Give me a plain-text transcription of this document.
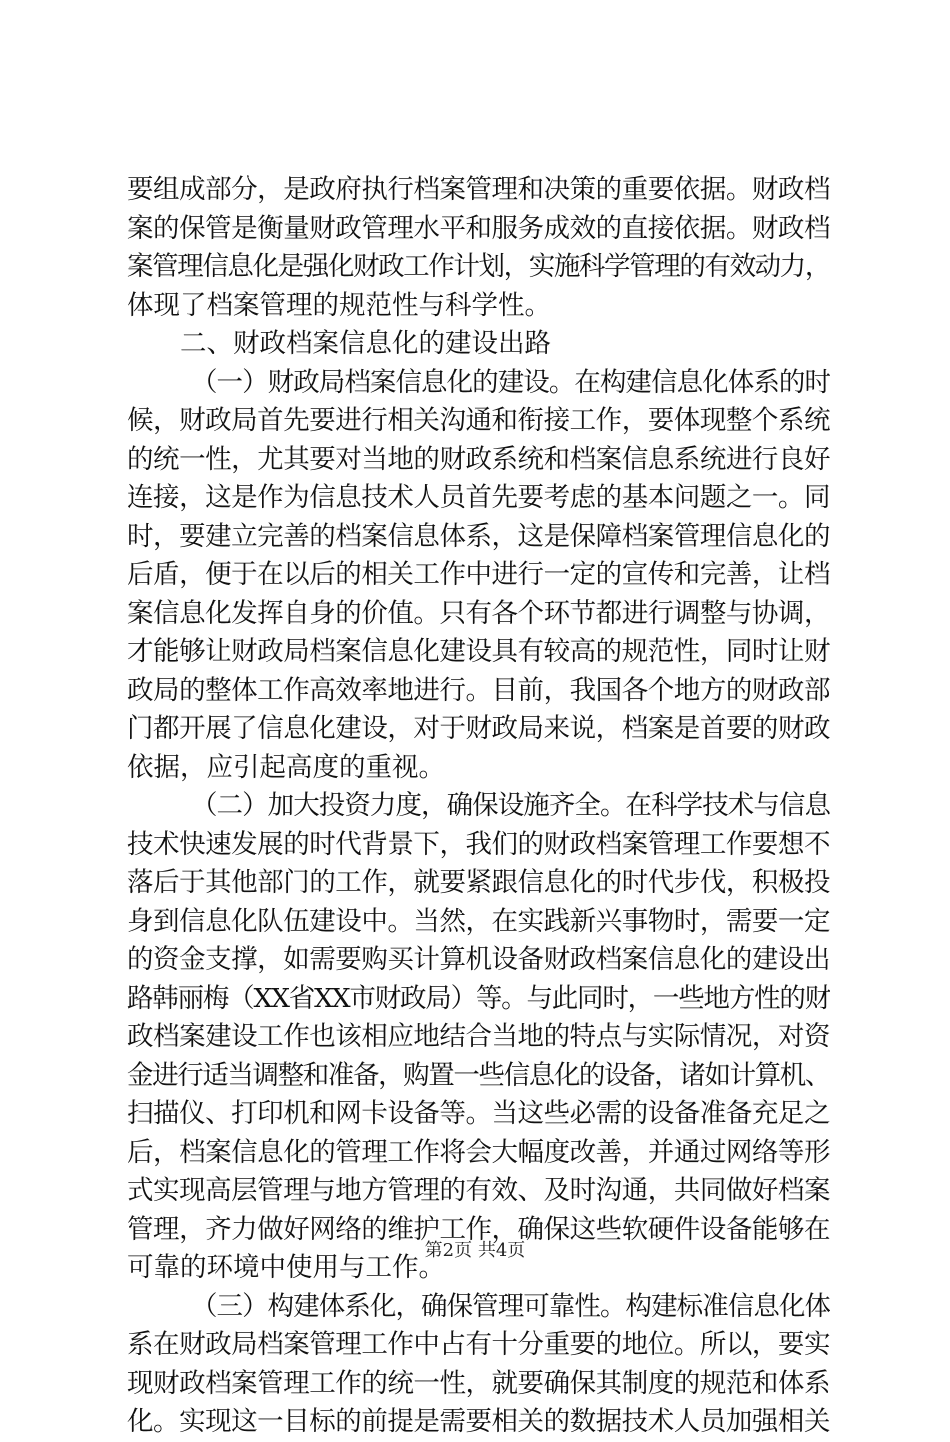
要组成部分，是政府执行档案管理和决策的重要依据。财政档
案的保管是衡量财政管理水平和服务成效的直接依据。财政档
案管理信息化是强化财政工作计划，实施科学管理的有效动力，
体现了档案管理的规范性与科学性。
二、财政档案信息化的建设出路
（一）财政局档案信息化的建设。在构建信息化体系的时
候，财政局首先要进行相关沟通和衔接工作，要体现整个系统
的统一性，尤其要对当地的财政系统和档案信息系统进行良好
连接，这是作为信息技术人员首先要考虑的基本问题之一。同
时，要建立完善的档案信息体系，这是保障档案管理信息化的
后盾，便于在以后的相关工作中进行一定的宣传和完善，让档
案信息化发挥自身的价值。只有各个环节都进行调整与协调，
才能够让财政局档案信息化建设具有较高的规范性，同时让财
政局的整体工作高效率地进行。目前，我国各个地方的财政部
门都开展了信息化建设，对于财政局来说，档案是首要的财政
依据，应引起高度的重视。
（二）加大投资力度，确保设施齐全。在科学技术与信息
技术快速发展的时代背景下，我们的财政档案管理工作要想不
落后于其他部门的工作，就要紧跟信息化的时代步伐，积极投
身到信息化队伍建设中。当然，在实践新兴事物时，需要一定
的资金支撑，如需要购买计算机设备财政档案信息化的建设出
路韩丽梅（XX省XX市财政局）等。与此同时，一些地方性的财
政档案建设工作也该相应地结合当地的特点与实际情况，对资
金进行适当调整和准备，购置一些信息化的设备，诸如计算机、
扫描仪、打印机和网卡设备等。当这些必需的设备准备充足之
后，档案信息化的管理工作将会大幅度改善，并通过网络等形
式实现高层管理与地方管理的有效、及时沟通，共同做好档案
管理，齐力做好网络的维护工作，确保这些软硬件设备能够在
可靠的环境中使用与工作。
（三）构建体系化，确保管理可靠性。构建标准信息化体
系在财政局档案管理工作中占有十分重要的地位。所以，要实
现财政档案管理工作的统一性，就要确保其制度的规范和体系
化。实现这一目标的前提是需要相关的数据技术人员加强相关
第2页 共4页
